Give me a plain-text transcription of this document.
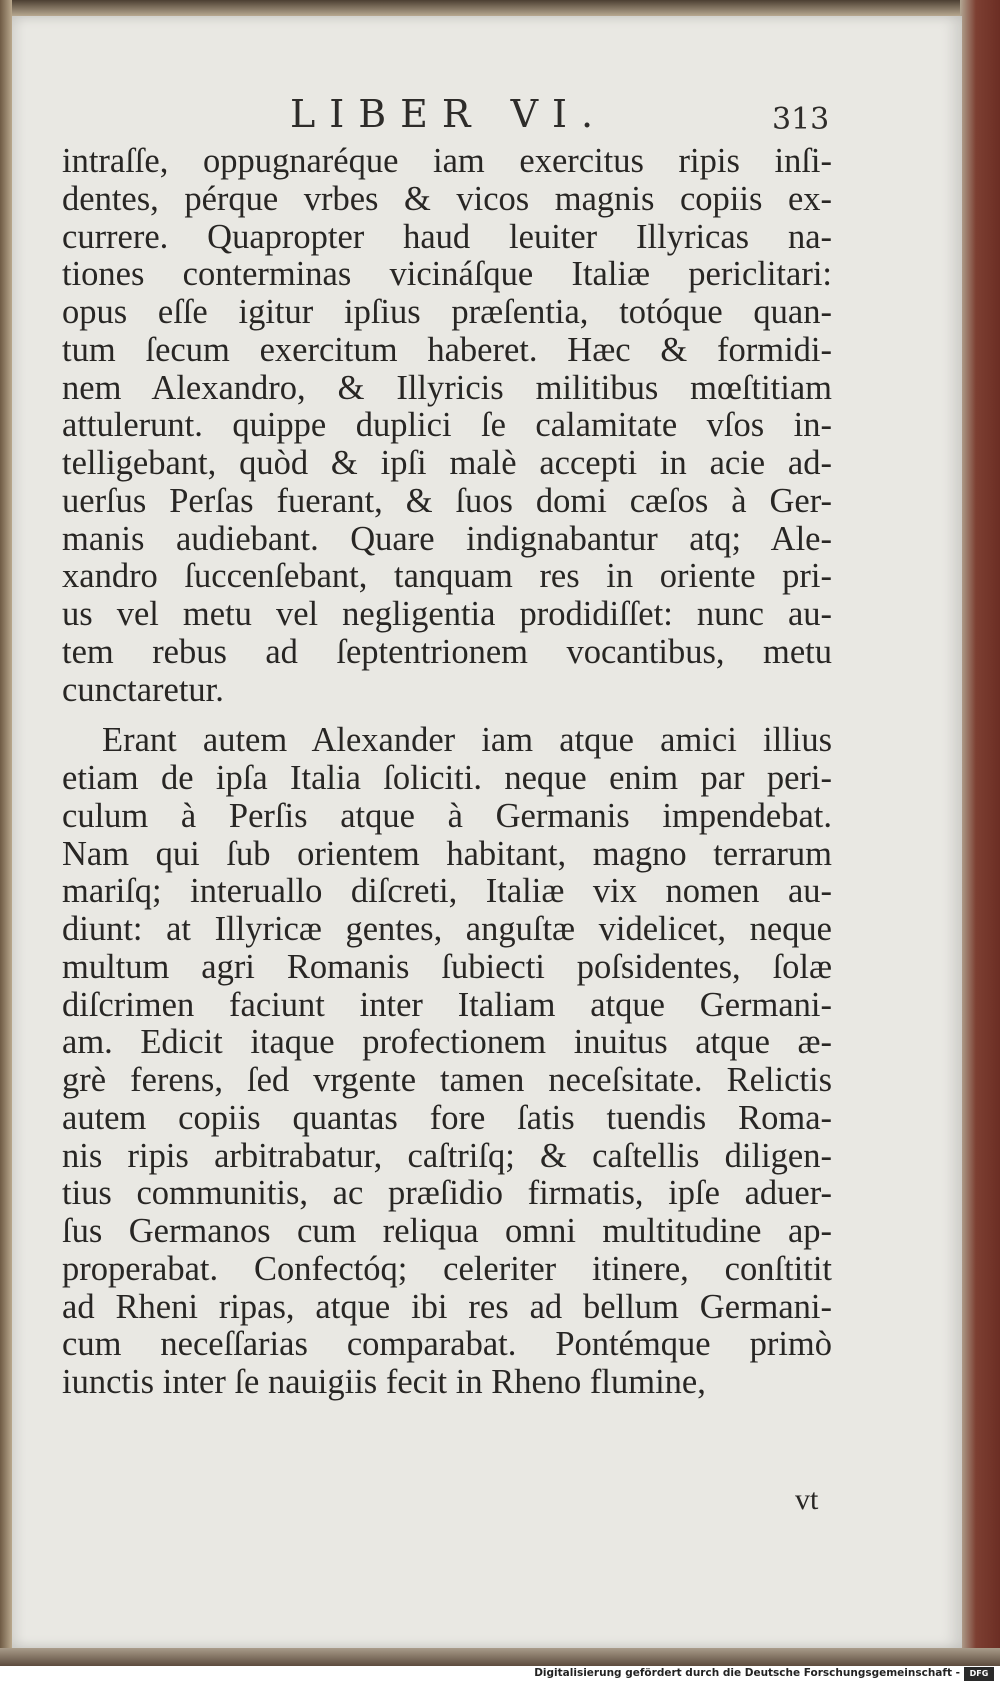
LIBER VI.	313
intraſſe, oppugnaréque iam exercitus ripis inſi-
dentes, pérque vrbes & vicos magnis copiis ex-
currere. Quapropter haud leuiter Illyricas na-
tiones conterminas vicináſque Italiæ periclitari:
opus eſſe igitur ipſius præſentia, totóque quan-
tum ſecum exercitum haberet. Hæc & formidi-
nem Alexandro, & Illyricis militibus mœſtitiam
attulerunt. quippe duplici ſe calamitate vſos in-
telligebant, quòd & ipſi malè accepti in acie ad-
uerſus Perſas fuerant, & ſuos domi cæſos à Ger-
manis audiebant. Quare indignabantur atq; Ale-
xandro ſuccenſebant, tanquam res in oriente pri-
us vel metu vel negligentia prodidiſſet: nunc au-
tem rebus ad ſeptentrionem vocantibus, metu
cunctaretur.
Erant autem Alexander iam atque amici illius
etiam de ipſa Italia ſoliciti. neque enim par peri-
culum à Perſis atque à Germanis impendebat.
Nam qui ſub orientem habitant, magno terrarum
mariſq; interuallo diſcreti, Italiæ vix nomen au-
diunt: at Illyricæ gentes, anguſtæ videlicet, neque
multum agri Romanis ſubiecti poſsidentes, ſolæ
diſcrimen faciunt inter Italiam atque Germani-
am. Edicit itaque profectionem inuitus atque æ-
grè ferens, ſed vrgente tamen neceſsitate. Relictis
autem copiis quantas fore ſatis tuendis Roma-
nis ripis arbitrabatur, caſtriſq; & caſtellis diligen-
tius communitis, ac præſidio firmatis, ipſe aduer-
ſus Germanos cum reliqua omni multitudine ap-
properabat. Confectóq; celeriter itinere, conſtitit
ad Rheni ripas, atque ibi res ad bellum Germani-
cum neceſſarias comparabat. Pontémque primò
iunctis inter ſe nauigiis fecit in Rheno flumine,
vt
Digitalisierung gefördert durch die Deutsche Forschungsgemeinschaft -	DFG
